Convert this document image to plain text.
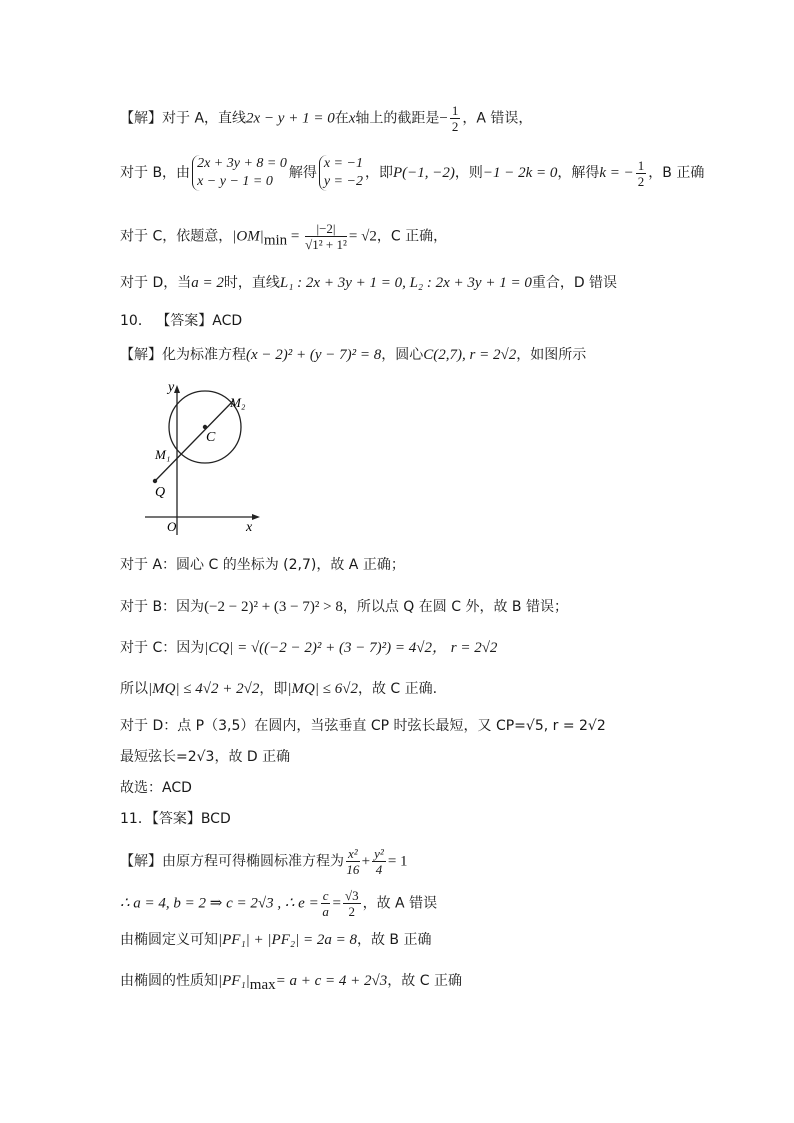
【解】对于 A，直线2x − y + 1 = 0在x轴上的截距是− $\frac{1}{2}$ ，A 错误，
对于 B，由
2x + 3y + 8 = 0
x − y − 1 = 0
解得
x = −1
y = −2
，即P(−1, −2)，则−1 − 2k = 0，解得k = − $\frac{1}{2}$ ，B 正确
对于 C，依题意，$|OM|_{min} = \frac{|-2|}{\text{√1² + 1²}} = √2$，C 正确，
对于 D，当a = 2时，直线L₁ : 2x + 3y + 1 = 0, L₂ : 2x + 3y + 1 = 0重合，D 错误
10． 【答案】ACD
【解】化为标准方程(x − 2)² + (y − 7)² = 8，圆心C(2,7), r = 2√2，如图所示
y
x
O
C
M₂
M₁
Q
对于 A：圆心 C 的坐标为 (2,7)，故 A 正确；
对于 B：因为(−2 − 2)² + (3 − 7)² > 8，所以点 Q 在圆 C 外，故 B 错误；
对于 C：因为|CQ| = √((−2 − 2)² + (3 − 7)²) = 4√2， r = 2√2
所以|MQ| ≤ 4√2 + 2√2，即|MQ| ≤ 6√2，故 C 正确.
对于 D：点 P（3,5）在圆内，当弦垂直 CP 时弦长最短，又 CP=√5, r = 2√2
最短弦长=2√3，故 D 正确
故选：ACD
11．【答案】BCD
【解】由原方程可得椭圆标准方程为 $\frac{\text{x²}}{16} + \frac{\text{y²}}{4} = 1$
∴ a = 4, b = 2 ⇒ c = 2√3 , ∴ $e = \frac{c}{a} = \frac{√3}{2}$ ，故 A 错误
由椭圆定义可知|PF₁| + |PF₂| = 2a = 8，故 B 正确
由椭圆的性质知$|PF_1|_{max}= a + c = 4 + 2√3$，故 C 正确
